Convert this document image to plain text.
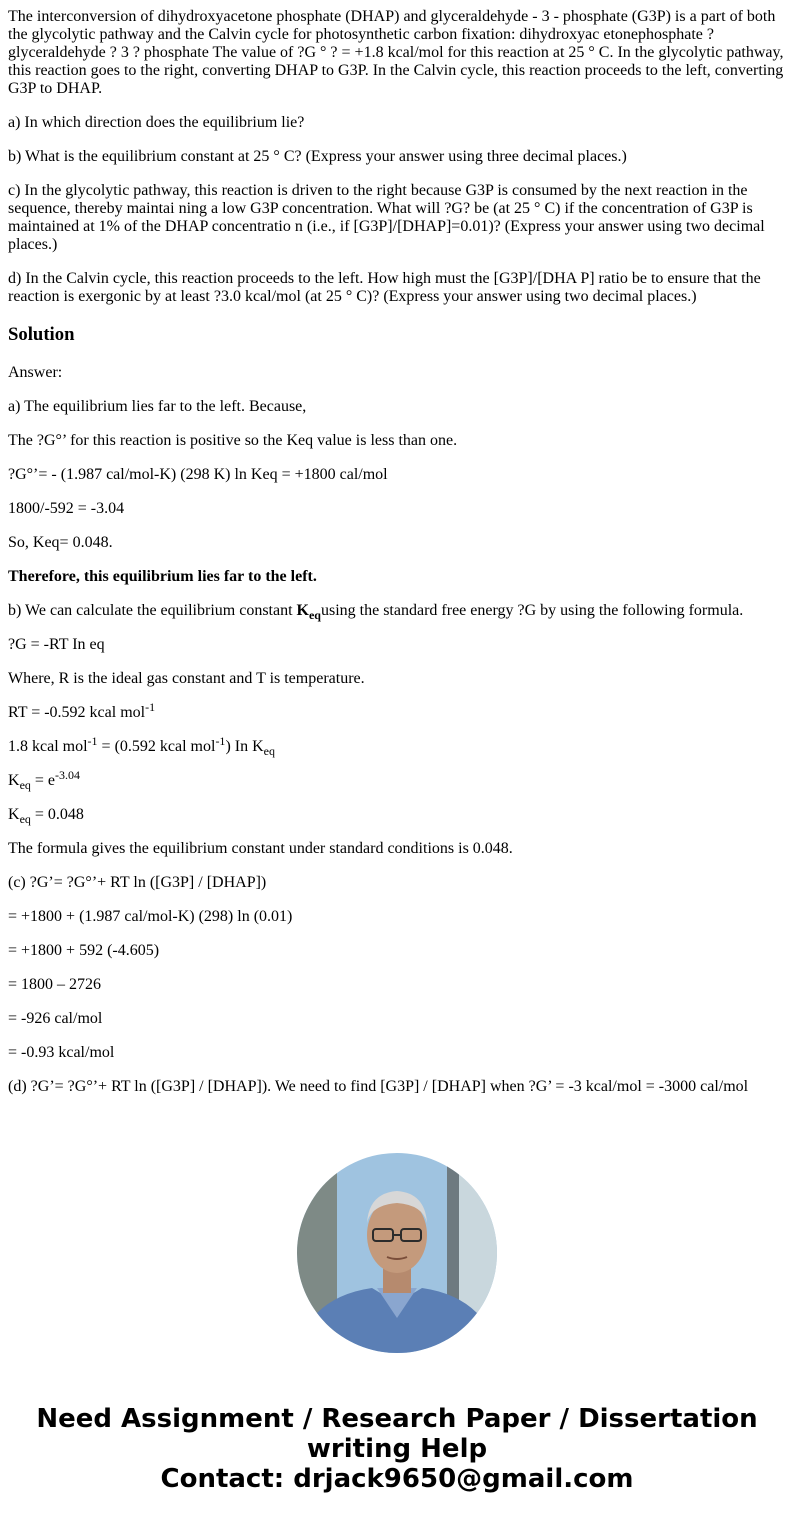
The interconversion of dihydroxyacetone phosphate (DHAP) and glyceraldehyde - 3 - phosphate (G3P) is a part of both the glycolytic pathway and the Calvin cycle for photosynthetic carbon fixation: dihydroxyac etonephosphate ? glyceraldehyde ? 3 ? phosphate The value of ?G ° ? = +1.8 kcal/mol for this reaction at 25 ° C. In the glycolytic pathway, this reaction goes to the right, converting DHAP to G3P. In the Calvin cycle, this reaction proceeds to the left, converting G3P to DHAP.

a) In which direction does the equilibrium lie?

b) What is the equilibrium constant at 25 ° C? (Express your answer using three decimal places.)

c) In the glycolytic pathway, this reaction is driven to the right because G3P is consumed by the next reaction in the sequence, thereby maintai ning a low G3P concentration. What will ?G? be (at 25 ° C) if the concentration of G3P is maintained at 1% of the DHAP concentratio n (i.e., if [G3P]/[DHAP]=0.01)? (Express your answer using two decimal places.)

d) In the Calvin cycle, this reaction proceeds to the left. How high must the [G3P]/[DHA P] ratio be to ensure that the reaction is exergonic by at least ?3.0 kcal/mol (at 25 ° C)? (Express your answer using two decimal places.)

Solution

Answer:

a) The equilibrium lies far to the left. Because,

The ?G°’ for this reaction is positive so the Keq value is less than one.

?G°’= - (1.987 cal/mol-K) (298 K) ln Keq = +1800 cal/mol

1800/-592 = -3.04

So, Keq= 0.048.

Therefore, this equilibrium lies far to the left.

b) We can calculate the equilibrium constant $K_{eq}using$ the standard free energy ?G by using the following formula.

?G = -RT In eq

Where, R is the ideal gas constant and T is temperature.

RT = -0.592 kcal mol$^{-1}$

1.8 kcal mol$^{-1}$ = (0.592 kcal mol$^{-1}$) In $K_{eq}$

$K_{eq} = e^{-3.04}$

$K_{eq} = 0.048$

The formula gives the equilibrium constant under standard conditions is 0.048.

(c) ?G’= ?G°’+ RT ln ([G3P] / [DHAP])

= +1800 + (1.987 cal/mol-K) (298) ln (0.01)

= +1800 + 592 (-4.605)

= 1800 – 2726

= -926 cal/mol

= -0.93 kcal/mol

(d) ?G’= ?G°’+ RT ln ([G3P] / [DHAP]). We need to find [G3P] / [DHAP] when ?G’ = -3 kcal/mol = -3000 cal/mol

Need Assignment / Research Paper / Dissertation
writing Help
Contact: drjack9650@gmail.com
